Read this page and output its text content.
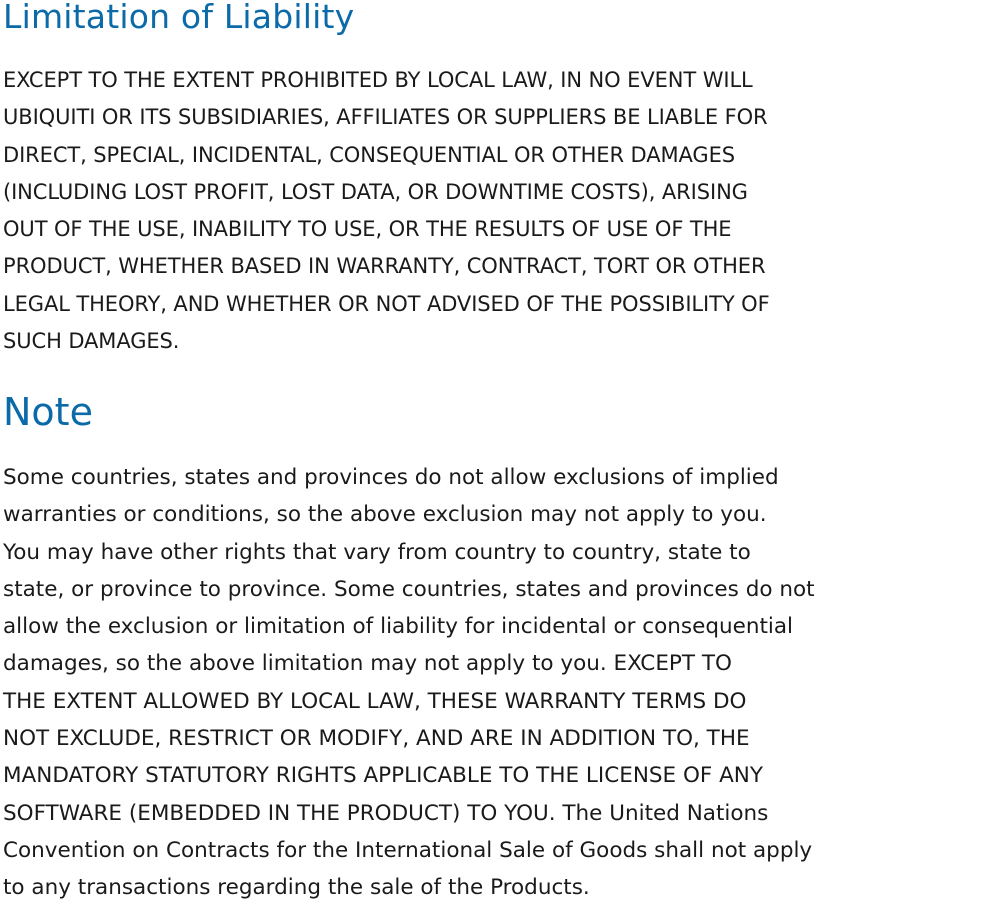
Limitation of Liability
EXCEPT TO THE EXTENT PROHIBITED BY LOCAL LAW, IN NO EVENT WILL
UBIQUITI OR ITS SUBSIDIARIES, AFFILIATES OR SUPPLIERS BE LIABLE FOR
DIRECT, SPECIAL, INCIDENTAL, CONSEQUENTIAL OR OTHER DAMAGES
(INCLUDING LOST PROFIT, LOST DATA, OR DOWNTIME COSTS), ARISING
OUT OF THE USE, INABILITY TO USE, OR THE RESULTS OF USE OF THE
PRODUCT, WHETHER BASED IN WARRANTY, CONTRACT, TORT OR OTHER
LEGAL THEORY, AND WHETHER OR NOT ADVISED OF THE POSSIBILITY OF
SUCH DAMAGES.
Note
Some countries, states and provinces do not allow exclusions of implied
warranties or conditions, so the above exclusion may not apply to you.
You may have other rights that vary from country to country, state to
state, or province to province. Some countries, states and provinces do not
allow the exclusion or limitation of liability for incidental or consequential
damages, so the above limitation may not apply to you. EXCEPT TO
THE EXTENT ALLOWED BY LOCAL LAW, THESE WARRANTY TERMS DO
NOT EXCLUDE, RESTRICT OR MODIFY, AND ARE IN ADDITION TO, THE
MANDATORY STATUTORY RIGHTS APPLICABLE TO THE LICENSE OF ANY
SOFTWARE (EMBEDDED IN THE PRODUCT) TO YOU. The United Nations
Convention on Contracts for the International Sale of Goods shall not apply
to any transactions regarding the sale of the Products.
